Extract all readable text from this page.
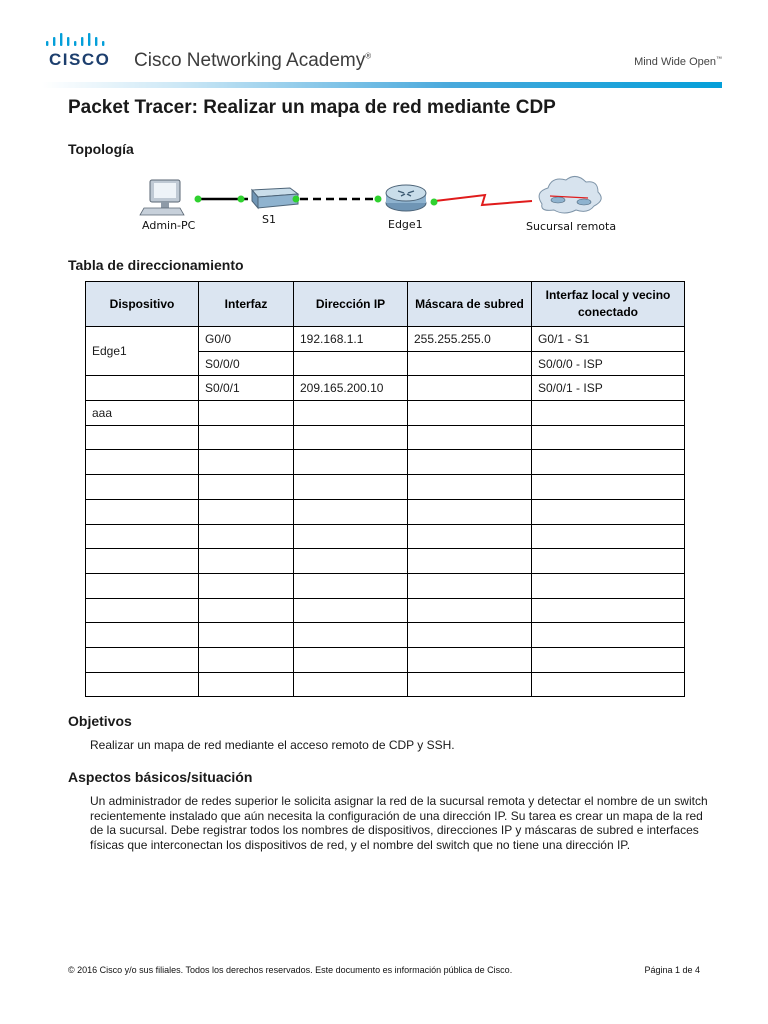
CISCO Cisco Networking Academy®	Mind Wide Open™
Packet Tracer: Realizar un mapa de red mediante CDP
Topología
Admin-PC	S1	Edge1	Sucursal remota
Tabla de direccionamiento
Dispositivo	Interfaz	Dirección IP	Máscara de subred	Interfaz local y vecino conectado
Edge1	G0/0	192.168.1.1	255.255.255.0	G0/1 - S1
	S0/0/0			S0/0/0 - ISP
	S0/0/1	209.165.200.10		S0/0/1 - ISP
aaa				

Objetivos
Realizar un mapa de red mediante el acceso remoto de CDP y SSH.
Aspectos básicos/situación
Un administrador de redes superior le solicita asignar la red de la sucursal remota y detectar el nombre de un switch recientemente instalado que aún necesita la configuración de una dirección IP. Su tarea es crear un mapa de la red de la sucursal. Debe registrar todos los nombres de dispositivos, direcciones IP y máscaras de subred e interfaces físicas que interconectan los dispositivos de red, y el nombre del switch que no tiene una dirección IP.
© 2016 Cisco y/o sus filiales. Todos los derechos reservados. Este documento es información pública de Cisco.	Página 1 de 4
